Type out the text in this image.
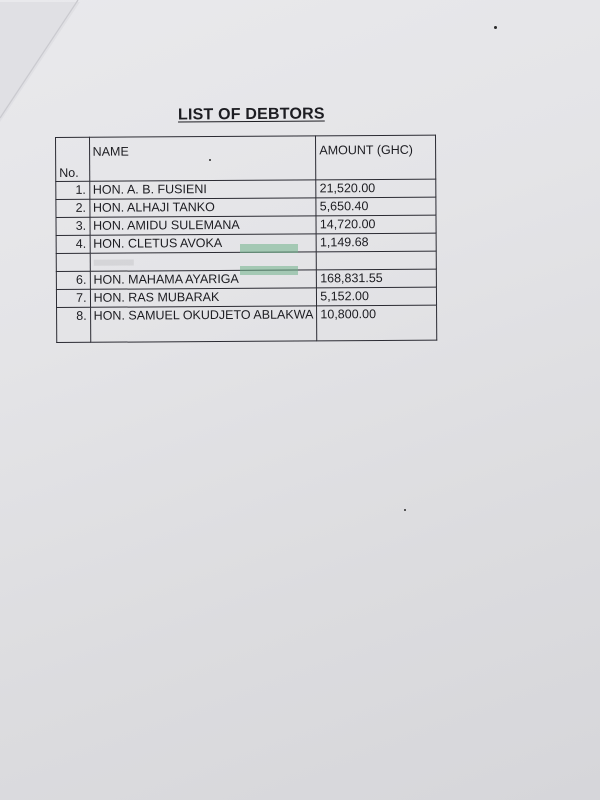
LIST OF DEBTORS
No.	NAME	AMOUNT (GHC)
1.	HON. A. B. FUSIENI	21,520.00
2.	HON. ALHAJI TANKO	5,650.40
3.	HON. AMIDU SULEMANA	14,720.00
4.	HON. CLETUS AVOKA	1,149.68

6.	HON. MAHAMA AYARIGA	168,831.55
7.	HON. RAS MUBARAK	5,152.00
8.	HON. SAMUEL OKUDJETO ABLAKWA	10,800.00
